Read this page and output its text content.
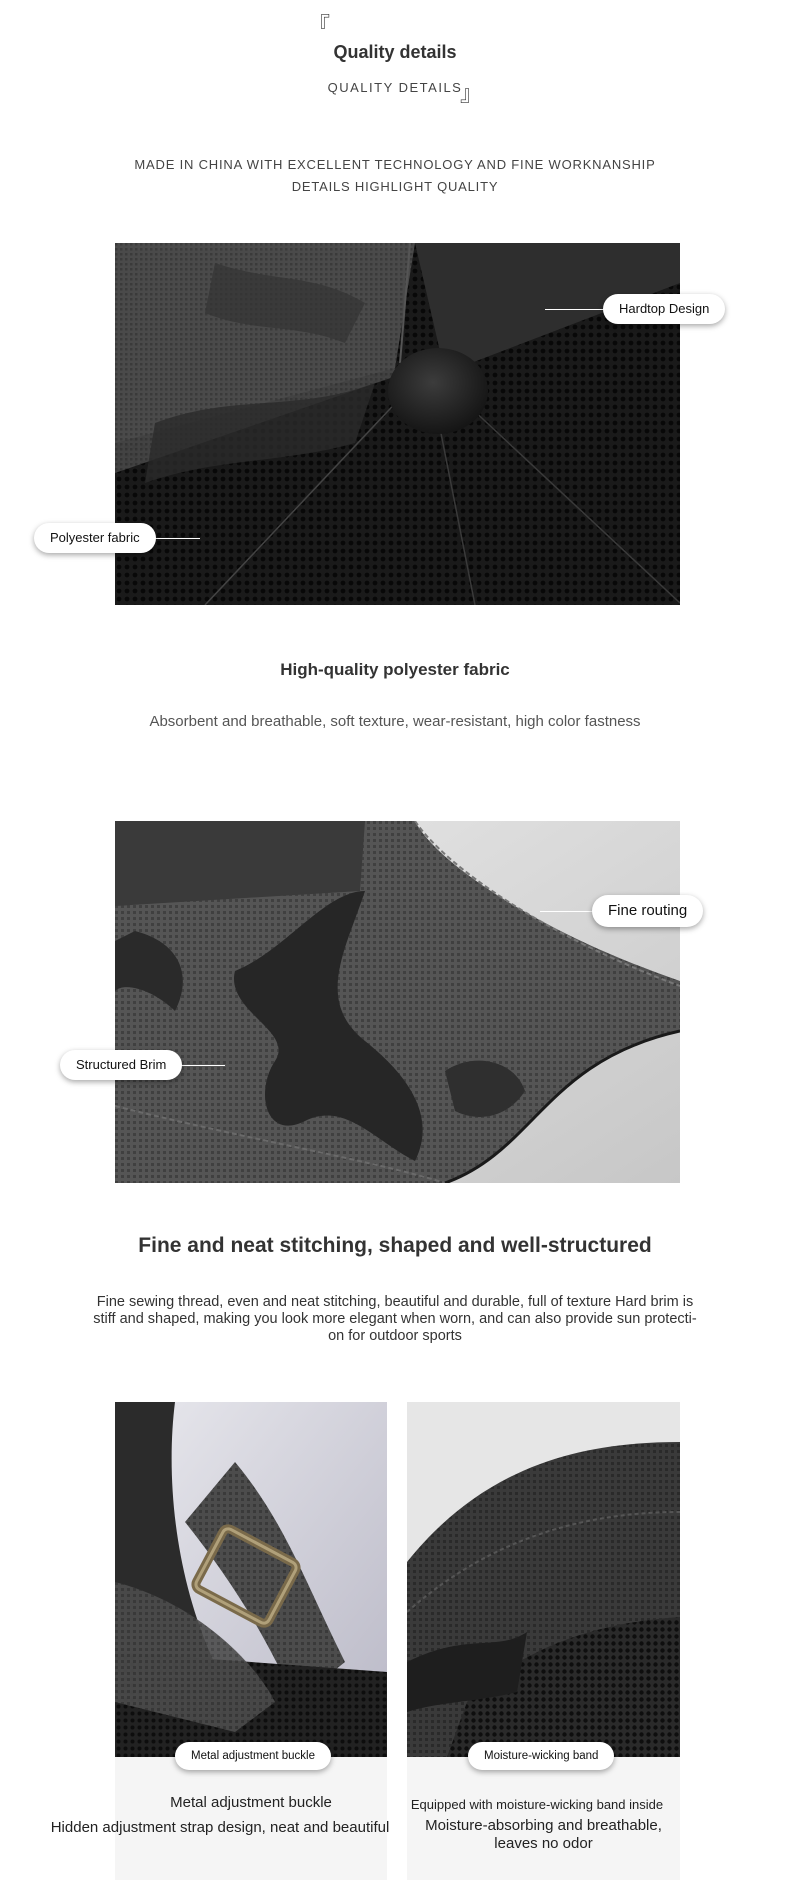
『
Quality details
QUALITY DETAILS
』
MADE IN CHINA WITH EXCELLENT TECHNOLOGY AND FINE WORKNANSHIP
DETAILS HIGHLIGHT QUALITY
Hardtop Design
Polyester fabric
High-quality polyester fabric
Absorbent and breathable, soft texture, wear-resistant, high color fastness
Fine routing
Structured Brim
Fine and neat stitching, shaped and well-structured
Fine sewing thread, even and neat stitching, beautiful and durable, full of texture Hard brim is
stiff and shaped, making you look more elegant when worn, and can also provide sun protecti-
on for outdoor sports
Metal adjustment buckle	Moisture-wicking band
Metal adjustment buckle
Hidden adjustment strap design, neat and beautiful
Equipped with moisture-wicking band inside
Moisture-absorbing and breathable,
leaves no odor
